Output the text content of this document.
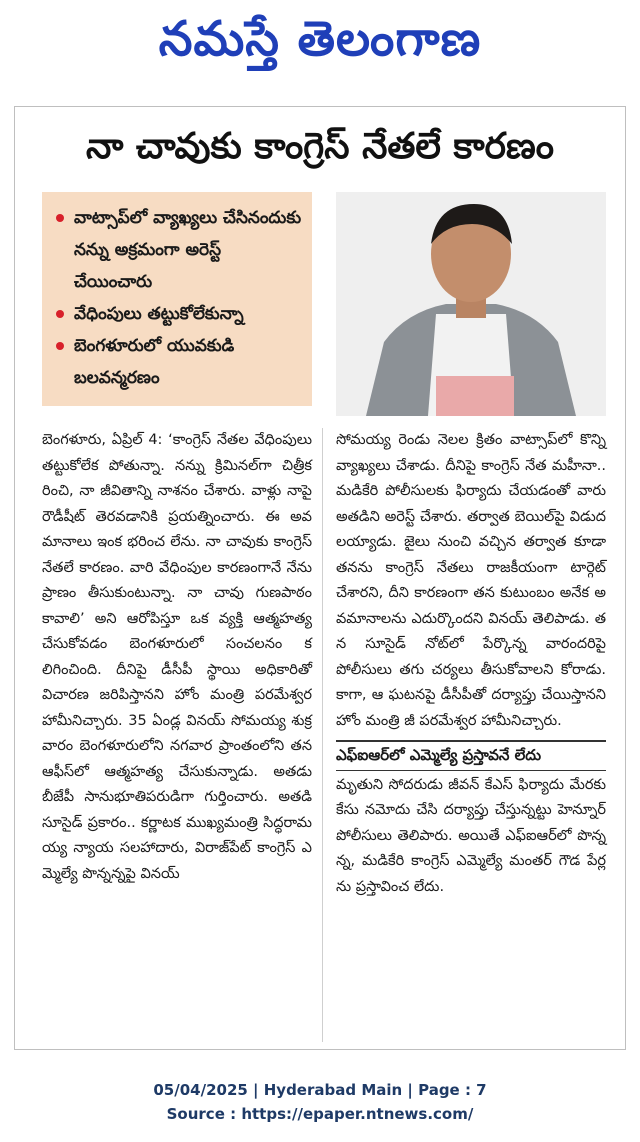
నమస్తే తెలంగాణ
నా చావుకు కాంగ్రెస్‌ నేతలే కారణం
వాట్సాప్‌లో వ్యాఖ్యలు చేసినందుకు నన్ను అక్రమంగా అరెస్ట్‌ చేయించారు
వేధింపులు తట్టుకోలేకున్నా
బెంగళూరులో యువకుడి బలవన్మరణం

బెంగళూరు, ఏప్రిల్‌ 4: ‘కాంగ్రెస్‌ నేతల వేధింపులు తట్టుకోలేక పోతున్నా. నన్ను క్రిమినల్‌గా చిత్రీకరించి, నా జీవితాన్ని నాశనం చేశారు. వాళ్లు నాపై రౌడీషీట్‌ తెరవడానికి ప్రయత్నించారు. ఈ అవమానాలు ఇంక భరించ లేను. నా చావుకు కాంగ్రెస్‌ నేతలే కారణం. వారి వేధింపుల కారణంగానే నేను ప్రాణం తీసుకుంటున్నా. నా చావు గుణపాఠం కావాలి’ అని ఆరోపిస్తూ ఒక వ్యక్తి ఆత్మహత్య చేసుకోవడం బెంగళూరులో సంచలనం కలిగించింది. దీనిపై డీసీపీ స్థాయి అధికారితో విచారణ జరిపిస్తానని హోం మంత్రి పరమేశ్వర హామీనిచ్చారు. 35 ఏండ్ల వినయ్‌ సోమయ్య శుక్రవారం బెంగళూరులోని నగవార ప్రాంతంలోని తన ఆఫీస్‌లో ఆత్మహత్య చేసుకున్నాడు. అతడు బీజేపీ సానుభూతిపరుడిగా గుర్తించారు. అతడి సూసైడ్‌ ప్రకారం.. కర్ణాటక ముఖ్యమంత్రి సిద్ధరామయ్య న్యాయ సలహాదారు, విరాజ్‌పేట్‌ కాంగ్రెస్‌ ఎమ్మెల్యే పొన్నన్నపై వినయ్‌

సోమయ్య రెండు నెలల క్రితం వాట్సాప్‌లో కొన్ని వ్యాఖ్యలు చేశాడు. దీనిపై కాంగ్రెస్‌ నేత మహీనా.. మడికేరి పోలీసులకు ఫిర్యాదు చేయడంతో వారు అతడిని అరెస్ట్‌ చేశారు. తర్వాత బెయిల్‌పై విడుదలయ్యాడు. జైలు నుంచి వచ్చిన తర్వాత కూడా తనను కాంగ్రెస్‌ నేతలు రాజకీయంగా టార్గెట్‌ చేశారని, దీని కారణంగా తన కుటుంబం అనేక అవమానాలను ఎదుర్కొందని వినయ్‌ తెలిపాడు. తన సూసైడ్‌ నోట్‌లో పేర్కొన్న వారందరిపై పోలీసులు తగు చర్యలు తీసుకోవాలని కోరాడు. కాగా, ఆ ఘటనపై డీసీపీతో దర్యాప్తు చేయిస్తానని హోం మంత్రి జీ పరమేశ్వర హామీనిచ్చారు.

ఎఫ్‌ఐఆర్‌లో ఎమ్మెల్యే ప్రస్తావనే లేదు

మృతుని సోదరుడు జీవన్‌ కేఎస్‌ ఫిర్యాదు మేరకు కేసు నమోదు చేసి దర్యాప్తు చేస్తున్నట్టు హెన్నూర్‌ పోలీసులు తెలిపారు. అయితే ఎఫ్‌ఐఆర్‌లో పొన్నన్న, మడికేరి కాంగ్రెస్‌ ఎమ్మెల్యే మంతర్‌ గౌడ పేర్లను ప్రస్తావించ లేదు.

05/04/2025 | Hyderabad Main | Page : 7
Source : https://epaper.ntnews.com/
